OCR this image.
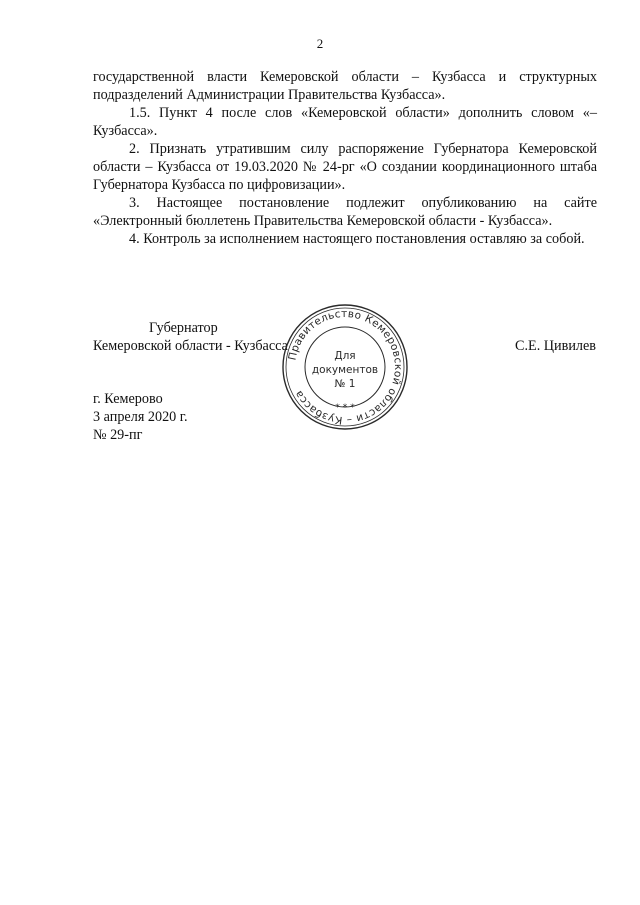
2

государственной власти Кемеровской области – Кузбасса и структурных подразделений Администрации Правительства Кузбасса».

1.5. Пункт 4 после слов «Кемеровской области» дополнить словом «– Кузбасса».

2. Признать утратившим силу распоряжение Губернатора Кемеровской области – Кузбасса от 19.03.2020 № 24-рг «О создании координационного штаба Губернатора Кузбасса по цифровизации».

3. Настоящее постановление подлежит опубликованию на сайте «Электронный бюллетень Правительства Кемеровской области - Кузбасса».

4. Контроль за исполнением настоящего постановления оставляю за собой.

Губернатор
Кемеровской области - Кузбасса	С.Е. Цивилев
Правительство Кемеровской области – Кузбасса
* * *
Для
документов
№ 1
г. Кемерово
3 апреля 2020 г.
№ 29-пг
